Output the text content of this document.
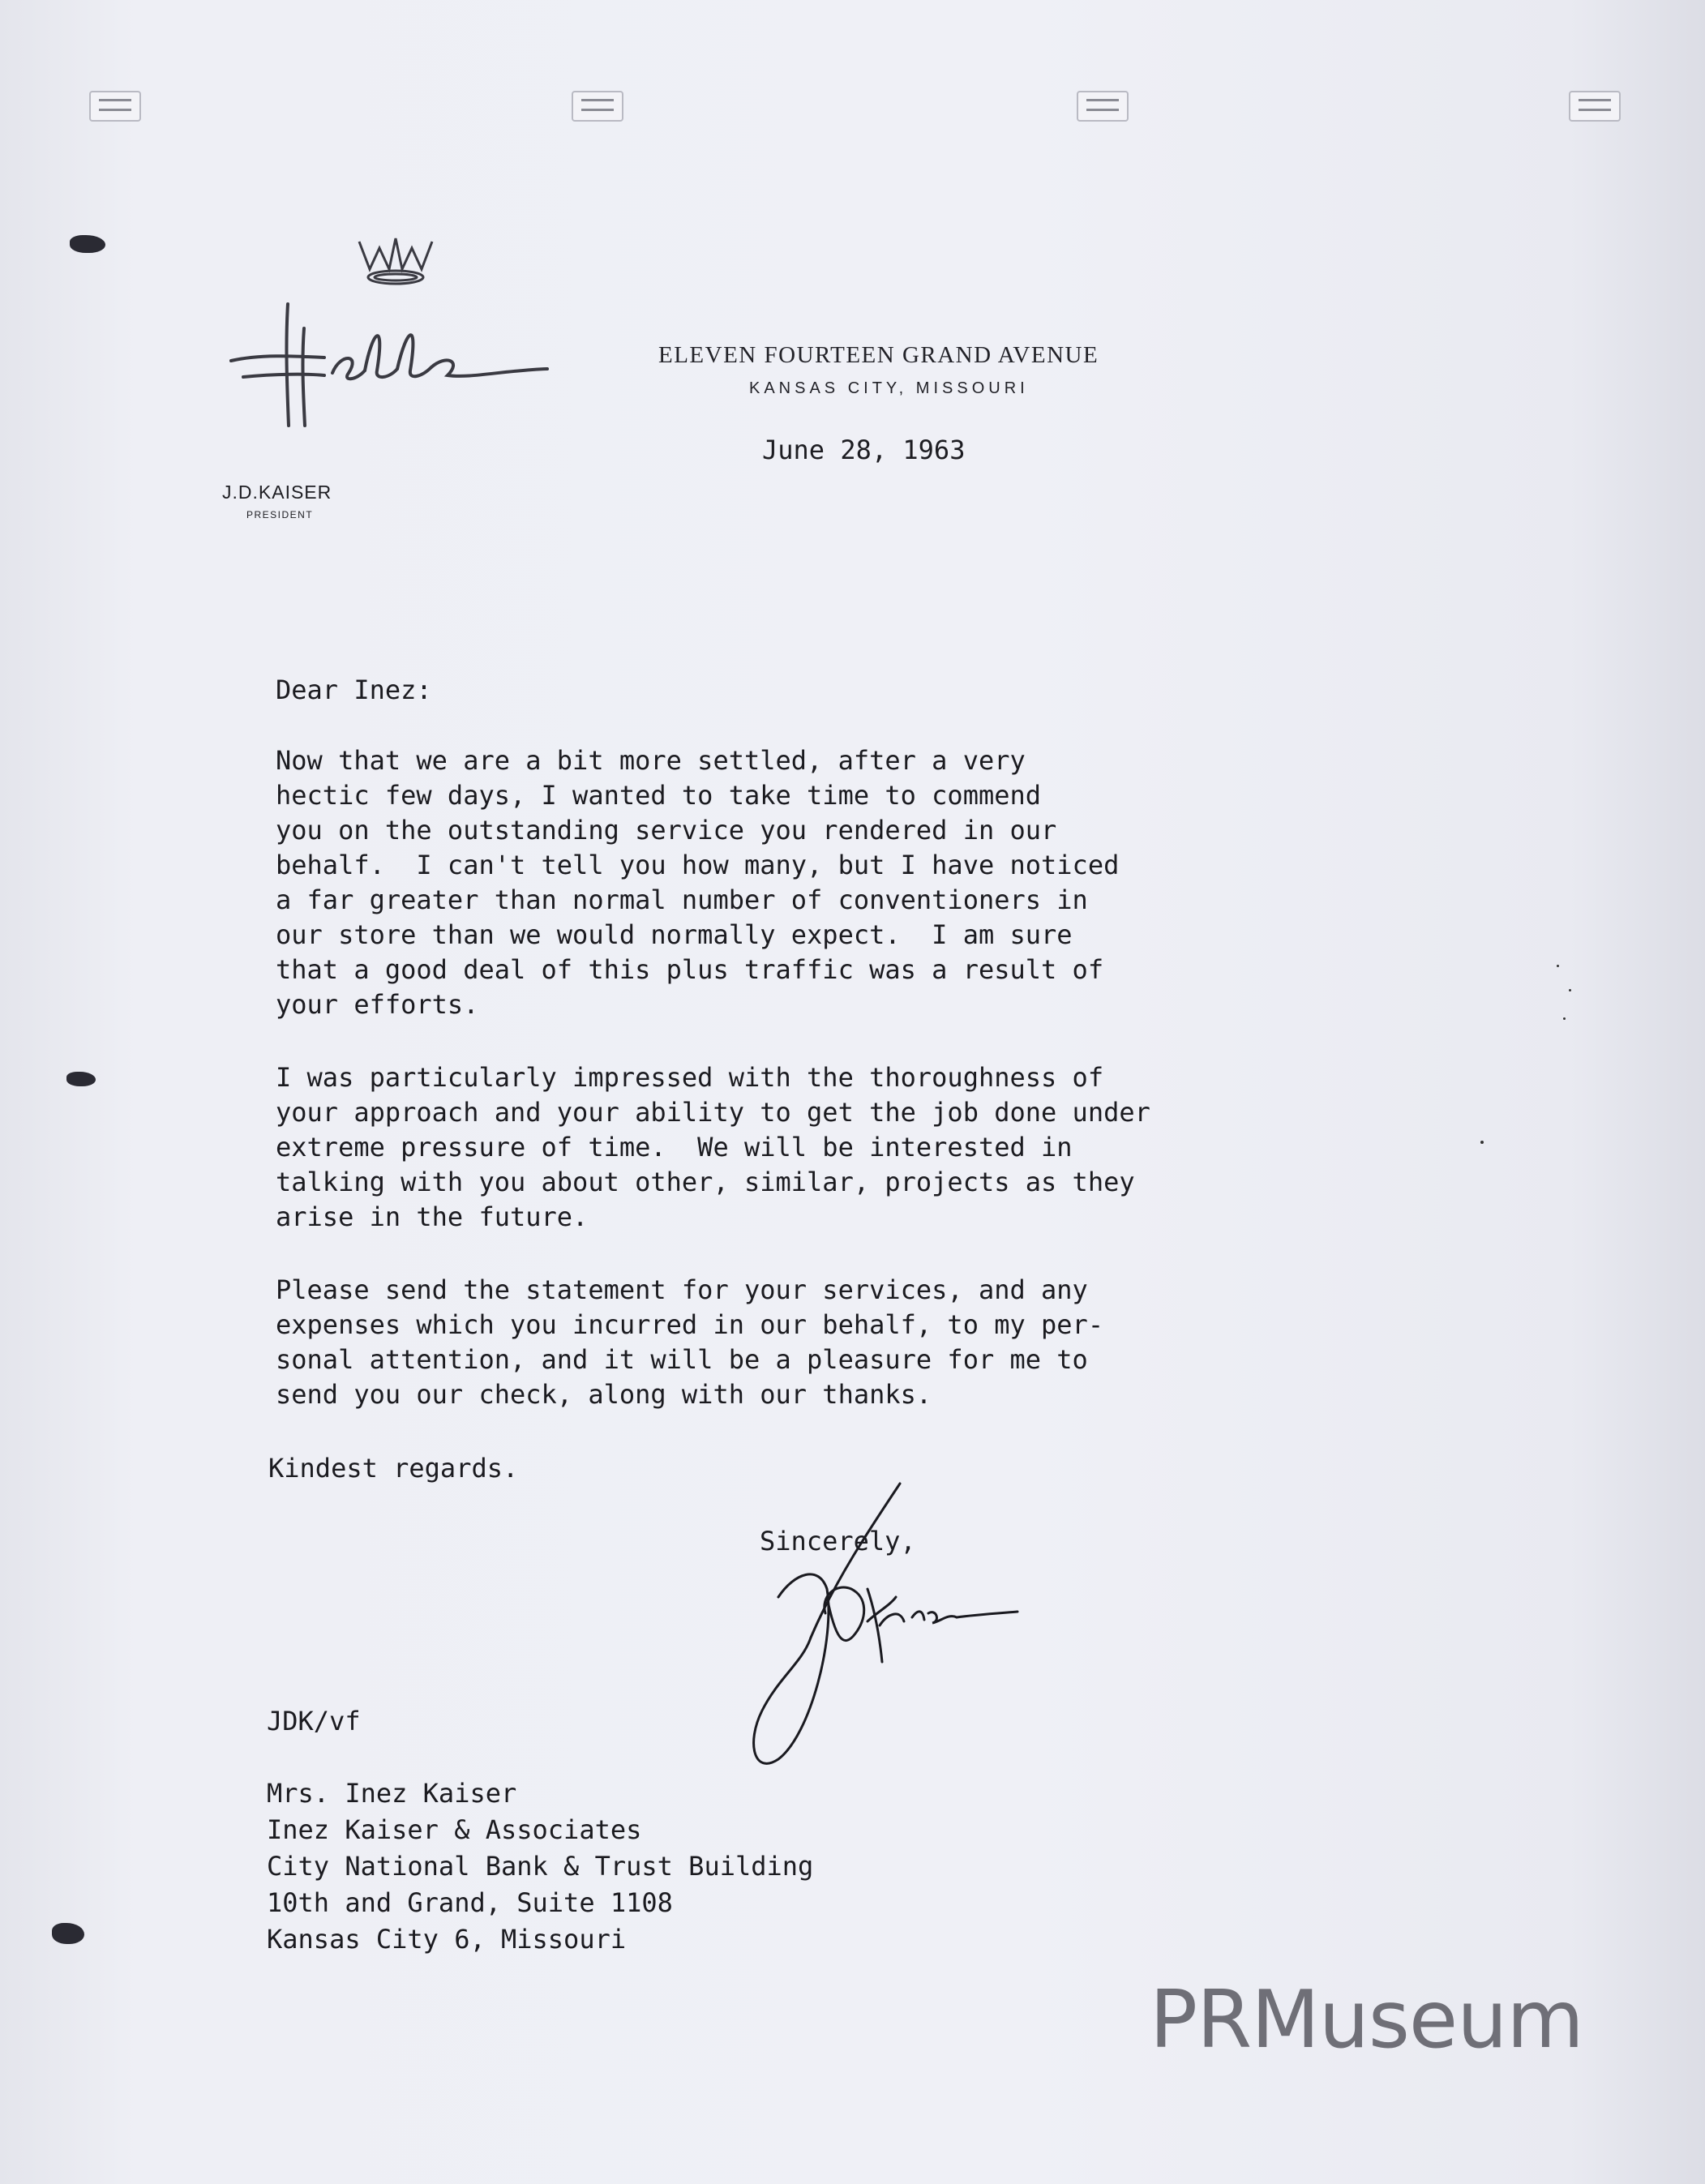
ELEVEN FOURTEEN GRAND AVENUE
KANSAS CITY, MISSOURI
June 28, 1963
J.D.KAISER
PRESIDENT
Dear Inez:
Now that we are a bit more settled, after a very
hectic few days, I wanted to take time to commend
you on the outstanding service you rendered in our
behalf.  I can't tell you how many, but I have noticed
a far greater than normal number of conventioners in
our store than we would normally expect.  I am sure
that a good deal of this plus traffic was a result of
your efforts.
I was particularly impressed with the thoroughness of
your approach and your ability to get the job done under
extreme pressure of time.  We will be interested in
talking with you about other, similar, projects as they
arise in the future.
Please send the statement for your services, and any
expenses which you incurred in our behalf, to my per-
sonal attention, and it will be a pleasure for me to
send you our check, along with our thanks.
Kindest regards.
Sincerely,
JDK/vf
Mrs. Inez Kaiser
Inez Kaiser & Associates
City National Bank & Trust Building
10th and Grand, Suite 1108
Kansas City 6, Missouri
PRMuseum
